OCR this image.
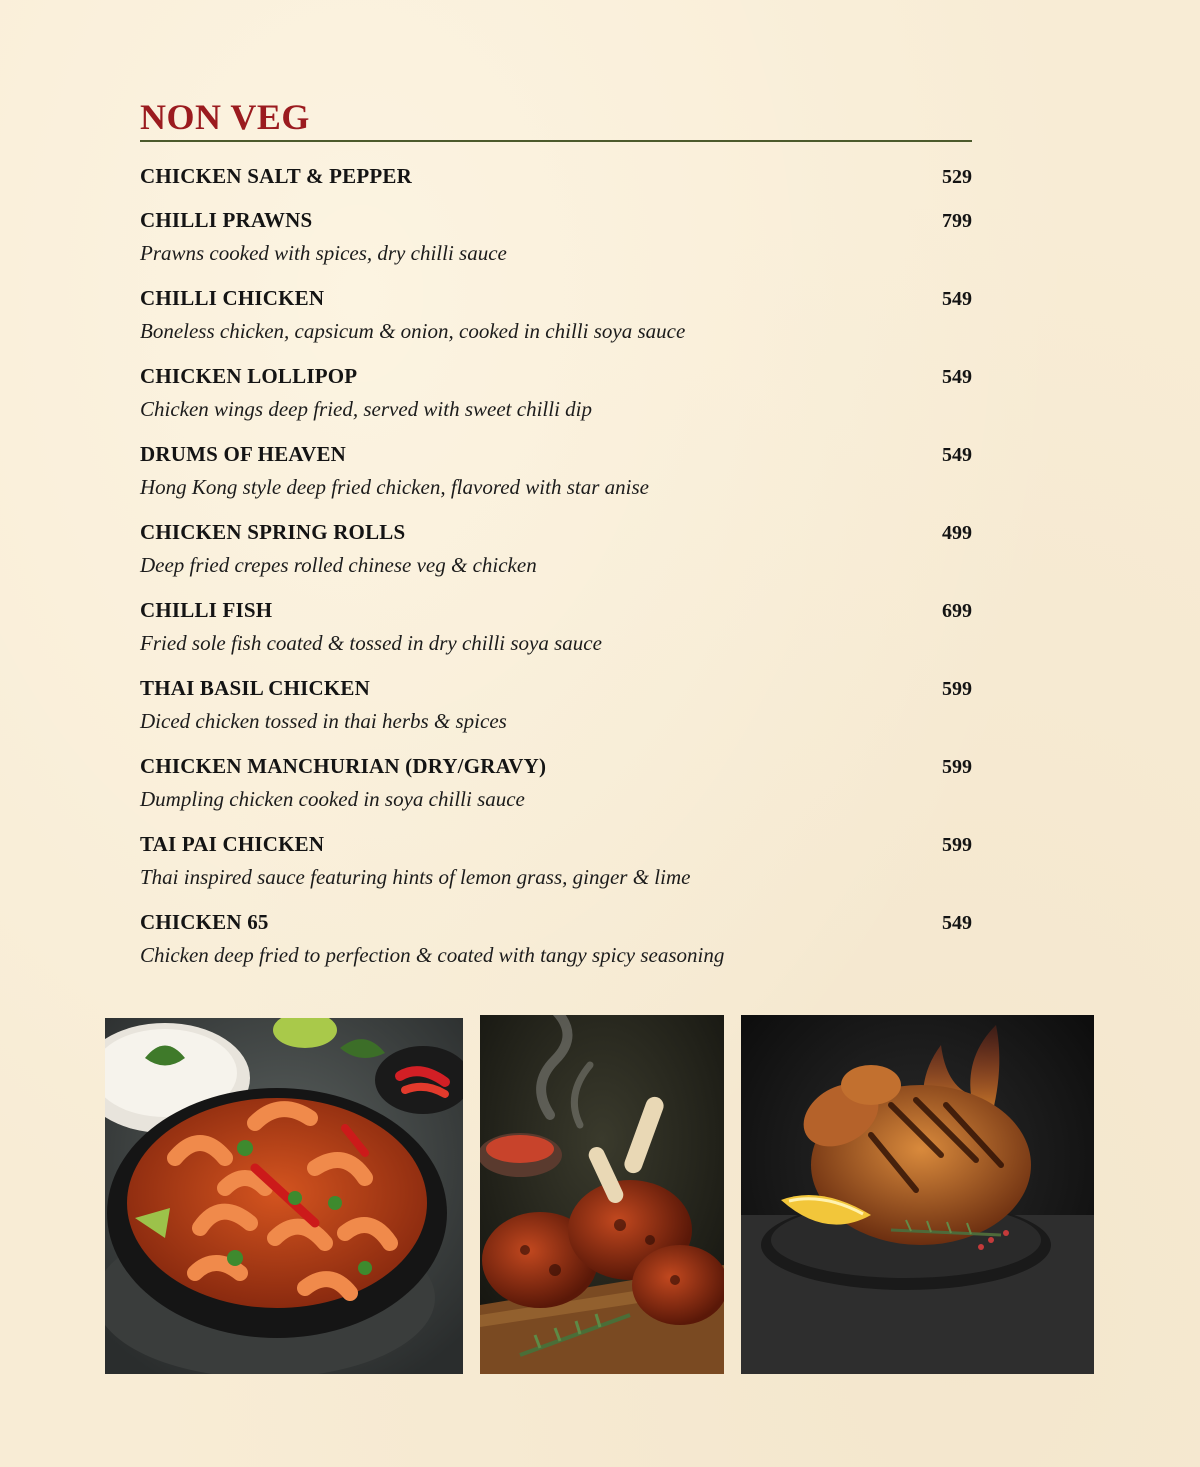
NON VEG
CHICKEN SALT & PEPPER	529
CHILLI PRAWNS	799
Prawns cooked with spices, dry chilli sauce
CHILLI CHICKEN	549
Boneless chicken, capsicum & onion, cooked in chilli soya sauce
CHICKEN LOLLIPOP	549
Chicken wings deep fried, served with sweet chilli dip
DRUMS OF HEAVEN	549
Hong Kong style deep fried chicken, flavored with star anise
CHICKEN SPRING ROLLS	499
Deep fried crepes rolled chinese veg & chicken
CHILLI FISH	699
Fried sole fish coated & tossed in dry chilli soya sauce
THAI BASIL CHICKEN	599
Diced chicken tossed in thai herbs & spices
CHICKEN MANCHURIAN (DRY/GRAVY)	599
Dumpling chicken cooked in soya chilli sauce
TAI PAI CHICKEN	599
Thai inspired sauce featuring hints of lemon grass, ginger & lime
CHICKEN 65	549
Chicken deep fried to perfection & coated with tangy spicy seasoning
